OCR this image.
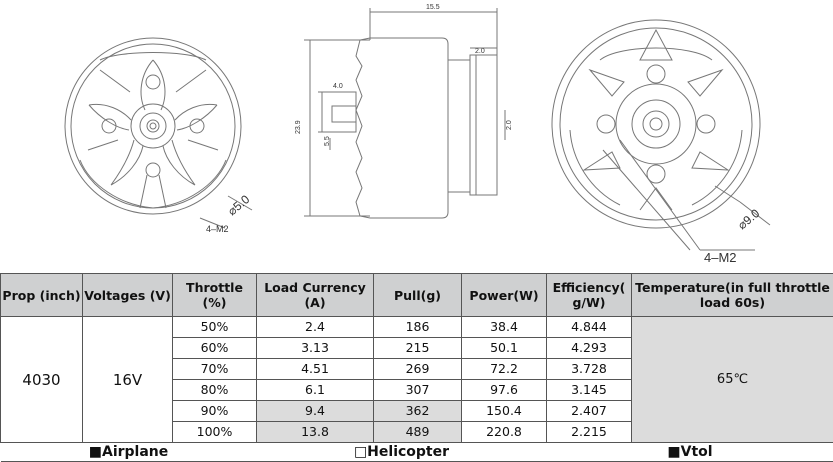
⌀5.0
4–M2
15.5
2.0
23.9
4.0
5.5
2.0
⌀9.0
4–M2
Prop (inch)	Voltages (V)	Throttle (%)	Load Currency (A)	Pull(g)	Power(W)	Efficiency( g/W)	Temperature(in full throttle load 60s)
4030	16V	50%	2.4	186	38.4	4.844	65℃
		60%	3.13	215	50.1	4.293	
		70%	4.51	269	72.2	3.728	
		80%	6.1	307	97.6	3.145	
		90%	9.4	362	150.4	2.407	
		100%	13.8	489	220.8	2.215	
■Airplane			□Helicopter			■Vtol	
